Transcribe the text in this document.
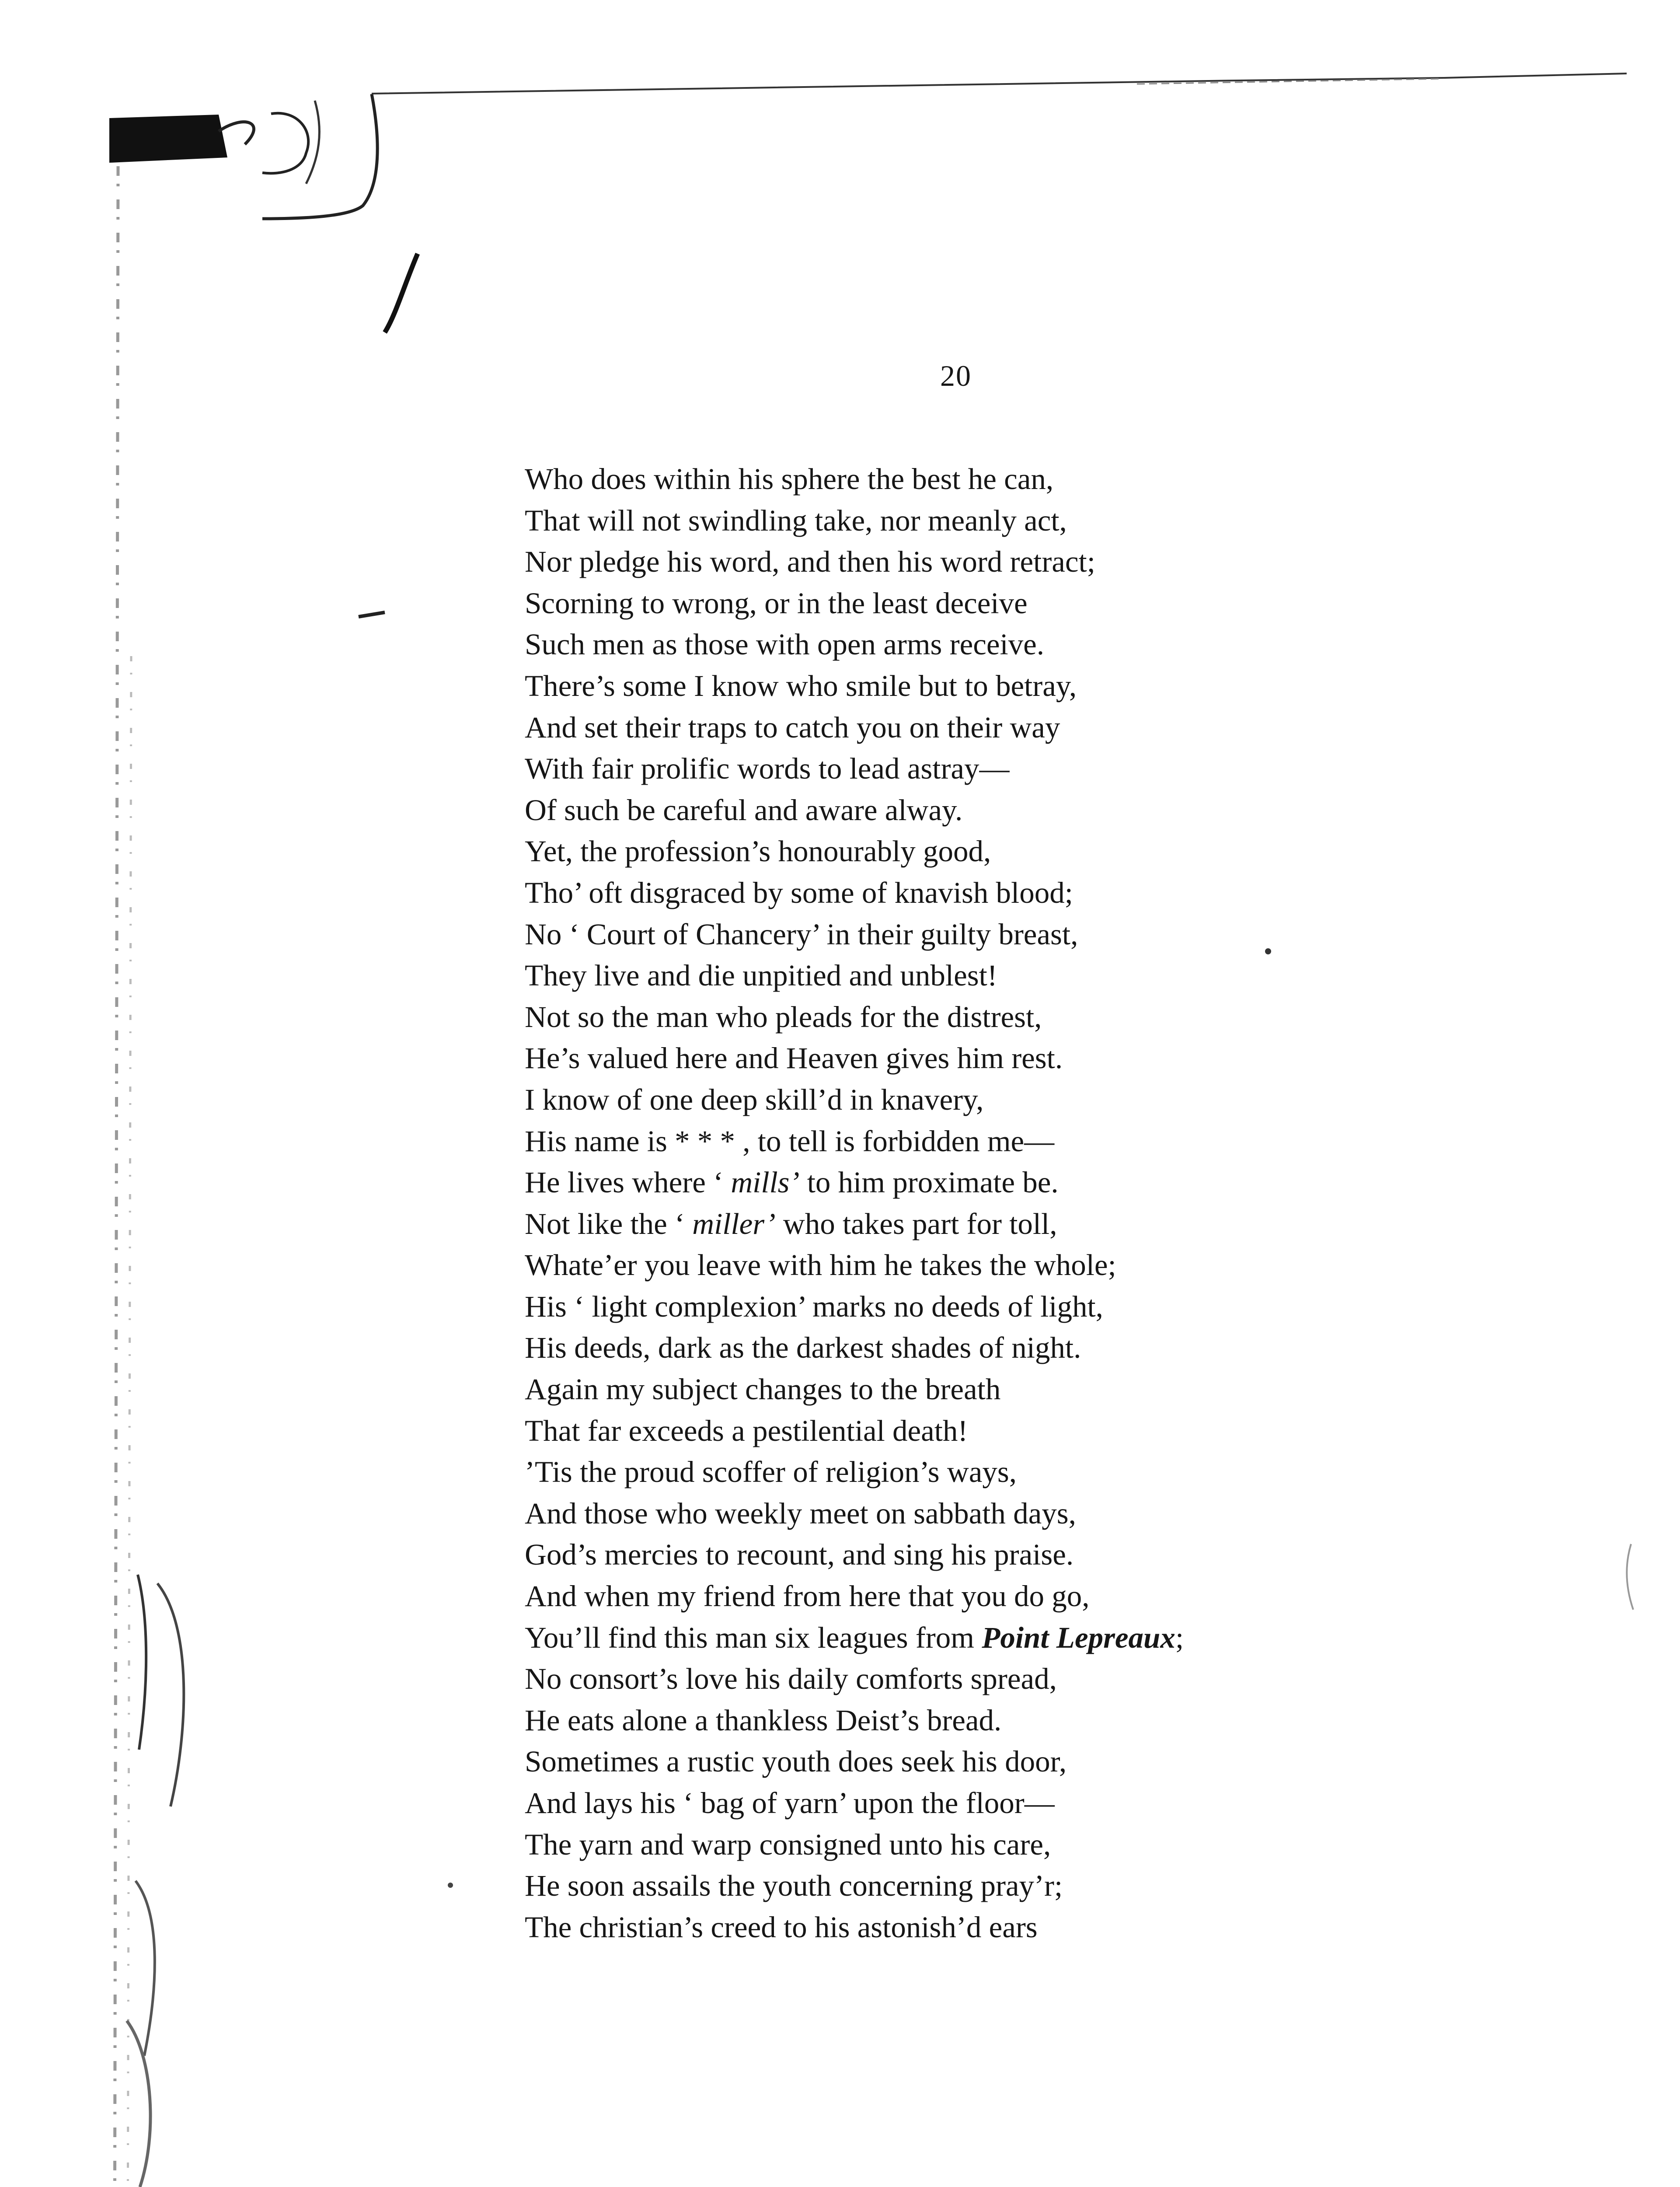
20
Who does within his sphere the best he can,
That will not swindling take, nor meanly act,
Nor pledge his word, and then his word retract;
Scorning to wrong, or in the least deceive
Such men as those with open arms receive.
There’s some I know who smile but to betray,
And set their traps to catch you on their way
With fair prolific words to lead astray—
Of such be careful and aware alway.
Yet, the profession’s honourably good,
Tho’ oft disgraced by some of knavish blood;
No ‘ Court of Chancery’ in their guilty breast,
They live and die unpitied and unblest!
Not so the man who pleads for the distrest,
He’s valued here and Heaven gives him rest.
I know of one deep skill’d in knavery,
His name is * * * , to tell is forbidden me—
He lives where ‘ mills’ to him proximate be.
Not like the ‘ miller’ who takes part for toll,
Whate’er you leave with him he takes the whole;
His ‘ light complexion’ marks no deeds of light,
His deeds, dark as the darkest shades of night.
Again my subject changes to the breath
That far exceeds a pestilential death!
’Tis the proud scoffer of religion’s ways,
And those who weekly meet on sabbath days,
God’s mercies to recount, and sing his praise.
And when my friend from here that you do go,
You’ll find this man six leagues from Point Lepreaux;
No consort’s love his daily comforts spread,
He eats alone a thankless Deist’s bread.
Sometimes a rustic youth does seek his door,
And lays his ‘ bag of yarn’ upon the floor—
The yarn and warp consigned unto his care,
He soon assails the youth concerning pray’r;
The christian’s creed to his astonish’d ears
